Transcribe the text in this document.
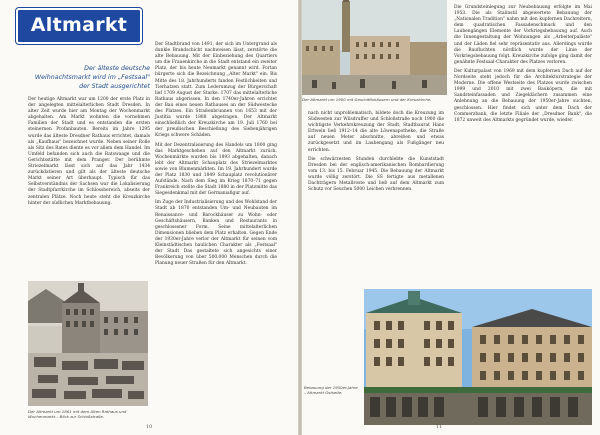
Altmarkt
Der älteste deutsche Weihnachtsmarkt wird im „Festsaal" der Stadt ausgerichtet

Der heutige Altmarkt war um 1200 der erste Platz in der angelegten mittelalterlichen Stadt Dresden. In alter Zeit wurde hier am Montag der Wochenmarkt abgehalten. Am Markt wohnten die vornehmen Familien der Stadt und es entstanden die ersten steinernen Profanbauten. Bereits im Jahre 1295 wurde das älteste Dresdner Rathaus errichtet, damals als „Kaufhaus" bezeichnet wurde. Neben seiner Rolle als Sitz des Rates diente es vor allem dem Handel. Im Umfeld befanden sich auch die Ratswaage und die Gerichtsstätte mit dem Pranger. Der berühmte Striezelmarkt lässt sich auf das Jahr 1434 zurückdatieren und gilt als der älteste deutsche Markt seiner Art überhaupt. Typisch für das Selbstverständnis der Sachsen war die Lokalisierung der Stadtpfarrkirche im Schlossbereich, abseits der zentralen Plätze. Noch heute steht die Kreuzkirche hinter der südlichen Marktbebauung.

Der Stadtbrand von 1491, der sich im Untergrund als dunkle Brandschicht nachweisen lässt, zerstörte die alte Bebauung. Mit der Einbeziehung des Quartiers um die Frauenkirche in die Stadt entstand ein zweiter Platz, der bis heute Neumarkt genannt wird. Fortan bürgerte sich die Bezeichnung „Alter Markt" ein. Bis Mitte des 18. Jahrhunderts fanden Festlichkeiten und Tierhatzen statt. Zum Lederumzug der Bürgerschaft lief 1709 August der Starke. 1707 das mittelalterliche Rathaus abgerissen. In den 1740er-Jahren errichtet der Bau eines neuen Rathauses an der Südwestecke des Platzes. Ein Straßenbrunnen von 1653 mit der Justitia wurde 1888 abgetragen. Der Altmarkt einschließlich der Kreuzkirche am 19. Juli 1760 bei der preußischen Beschießung des Siebenjährigen Kriegs schwere Schäden.

Mit der Dezentralisierung des Handels um 1800 ging das Marktgeschehen auf den Altmarkt zurück. Wochenmärkte wurden bis 1893 abgehalten, danach lebt der Altmarkt Schauplatz des Striezelmarktes sowie von Blumenmärkten. Im 19. Jahrhundert wurde der Platz 1830 und 1849 Schauplatz revolutionärer Aufstände. Nach dem Sieg im Krieg 1870–71 gegen Frankreich stellte die Stadt 1880 in der Platzmitte das Siegesdenkmal mit der Germaniafigur auf.

Im Zuge der Industrialisierung und des Wohlstand der Stadt ab 1870 entstanden Um- und Neubauten im Renaissance- und Barockhäuser zu Wohn- oder Geschäftshäusern, Banken und Restaurants in geschlossener Form. Seine mittelalterlichen Dimensionen blieben dem Platz erhalten. Gegen Ende der 1930er-Jahre verlor der Altmarkt für seinen vom Kleinstädtischen baulichen Charakter als „Festsaal" der Stadt Das gestaltete sich angesichts einer Bevölkerung von über 500.000 Menschen durch die Planung neuer Straßen für den Altmarkt.

Der Altmarkt um 1861 mit dem Alten Rathaus und Wochenmarkt – Blick zur Schloßstraße.
10
Der Altmarkt um 1900 mit Geschäftshäusern und der Kreuzkirche.

nach nicht unproblematisch, bildete doch die Kreuzung im Südwesten zur Wilsdruffer und Schloßstraße noch 1900 die wichtigste Verkehrskreuzung der Stadt. Stadtbaurat Hans Erlwein ließ 1912–14 die alte Löwenapotheke, die Straße auf neuen Meter abschnitte, abreißen und etwas zurückgesetzt und im Laubengang als Fußgänger neu errichten.

Die schwärzesten Stunden durchlebte die Kunststadt Dresden bei der englisch-amerikanischen Bombardierung vom 13. bis 15. Februar 1945. Die Bebauung der Altmarkt wurde völlig zerstört. Die SS fertigte aus metallenen Dachträgern Metallroste und ließ auf dem Altmarkt zum Schutz vor Seuchen 5000 Leichen verbrennen.

Die Grundsteinlegung zur Neubebauung erfolgte im Mai 1953. Die als Stalinstil abgewertete Bebauung der „Nationalen Tradition" nahm mit den kupfernen Dachreitern, dem quadratischen Fassadenschmuck und den Laubengängen Elemente der Vorkriegsbebauung auf. Auch die Innengestaltung der Wohnungen als „Arbeiterpaläste" und der Läden fiel sehr repräsentativ aus. Allerdings wurde die Baufluchten nördlich wurde der Linie der Vorkriegsbebauung folgt. Kreuzkirche zufolge ging damit der genähnte Festsaal-Charakter des Platzes verloren.

Der Kulturpalast von 1969 mit dem kupfernen Dach auf der Nordseite steht jedoch für die Architekturstrategie der Moderne. Die offene Westseite des Platzes wurde zwischen 1999 und 2010 mit zwei Bauköpern, die mit Sandsteinfassaden und Ziegeldächern zusammen eine Anlehnung an die Bebauung der 1950er-Jahre suchten, geschlossen. Hier findet sich unter dem Dach der Commerzbank, die letzte Filiale der „Dresdner Bank", die 1872 unweit des Altmarkts gegründet wurde, wieder.

Bebauung der 1950er-Jahre – Altmarkt Ostseite.
11
